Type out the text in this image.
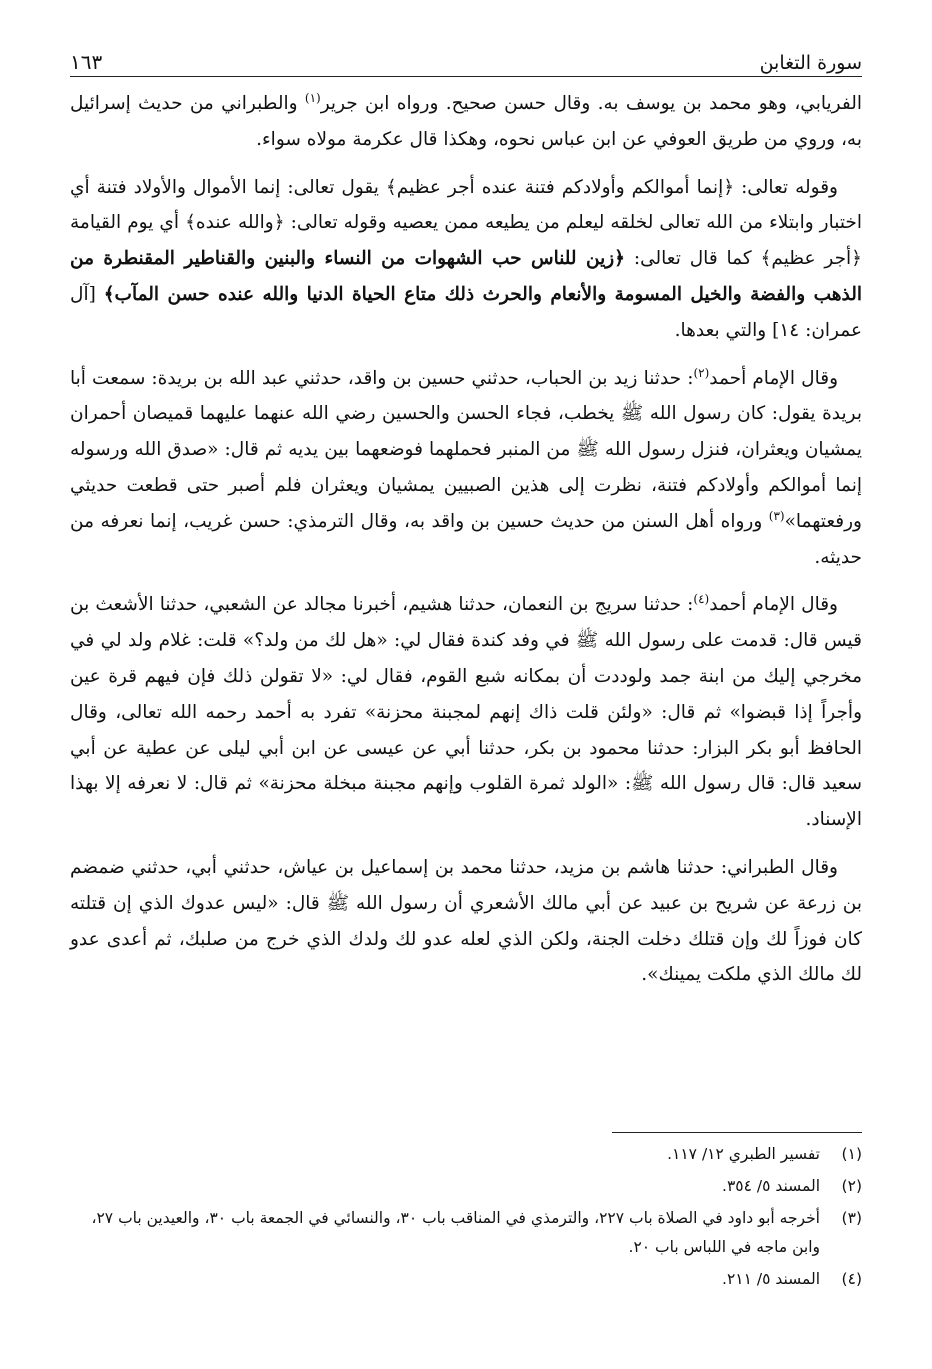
سورة التغابن
١٦٣

الفريابي، وهو محمد بن يوسف به. وقال حسن صحيح. ورواه ابن جرير$^{(١)}$ والطبراني من حديث إسرائيل به، وروي من طريق العوفي عن ابن عباس نحوه، وهكذا قال عكرمة مولاه سواء.

وقوله تعالى: ﴿إنما أموالكم وأولادكم فتنة عنده أجر عظيم﴾ يقول تعالى: إنما الأموال والأولاد فتنة أي اختبار وابتلاء من الله تعالى لخلقه ليعلم من يطيعه ممن يعصيه وقوله تعالى: ﴿والله عنده﴾ أي يوم القيامة ﴿أجر عظيم﴾ كما قال تعالى: ﴿زين للناس حب الشهوات من النساء والبنين والقناطير المقنطرة من الذهب والفضة والخيل المسومة والأنعام والحرث ذلك متاع الحياة الدنيا والله عنده حسن المآب﴾ [آل عمران: ١٤] والتي بعدها.

وقال الإمام أحمد$^{(٢)}$: حدثنا زيد بن الحباب، حدثني حسين بن واقد، حدثني عبد الله بن بريدة: سمعت أبا بريدة يقول: كان رسول الله ﷺ يخطب، فجاء الحسن والحسين رضي الله عنهما عليهما قميصان أحمران يمشيان ويعثران، فنزل رسول الله ﷺ من المنبر فحملهما فوضعهما بين يديه ثم قال: «صدق الله ورسوله إنما أموالكم وأولادكم فتنة، نظرت إلى هذين الصبيين يمشيان ويعثران فلم أصبر حتى قطعت حديثي ورفعتهما»$^{(٣)}$ ورواه أهل السنن من حديث حسين بن واقد به، وقال الترمذي: حسن غريب، إنما نعرفه من حديثه.

وقال الإمام أحمد$^{(٤)}$: حدثنا سريج بن النعمان، حدثنا هشيم، أخبرنا مجالد عن الشعبي، حدثنا الأشعث بن قيس قال: قدمت على رسول الله ﷺ في وفد كندة فقال لي: «هل لك من ولد؟» قلت: غلام ولد لي في مخرجي إليك من ابنة جمد ولوددت أن بمكانه شبع القوم، فقال لي: «لا تقولن ذلك فإن فيهم قرة عين وأجراً إذا قبضوا» ثم قال: «ولئن قلت ذاك إنهم لمجبنة محزنة» تفرد به أحمد رحمه الله تعالى، وقال الحافظ أبو بكر البزار: حدثنا محمود بن بكر، حدثنا أبي عن عيسى عن ابن أبي ليلى عن عطية عن أبي سعيد قال: قال رسول الله ﷺ: «الولد ثمرة القلوب وإنهم مجبنة مبخلة محزنة» ثم قال: لا نعرفه إلا بهذا الإسناد.

وقال الطبراني: حدثنا هاشم بن مزيد، حدثنا محمد بن إسماعيل بن عياش، حدثني أبي، حدثني ضمضم بن زرعة عن شريح بن عبيد عن أبي مالك الأشعري أن رسول الله ﷺ قال: «ليس عدوك الذي إن قتلته كان فوزاً لك وإن قتلك دخلت الجنة، ولكن الذي لعله عدو لك ولدك الذي خرج من صلبك، ثم أعدى عدو لك مالك الذي ملكت يمينك».

(١)
تفسير الطبري ١٢/ ١١٧.
(٢)
المسند ٥/ ٣٥٤.
(٣)
أخرجه أبو داود في الصلاة باب ٢٢٧، والترمذي في المناقب باب ٣٠، والنسائي في الجمعة باب ٣٠، والعيدين باب ٢٧، وابن ماجه في اللباس باب ٢٠.
(٤)
المسند ٥/ ٢١١.
